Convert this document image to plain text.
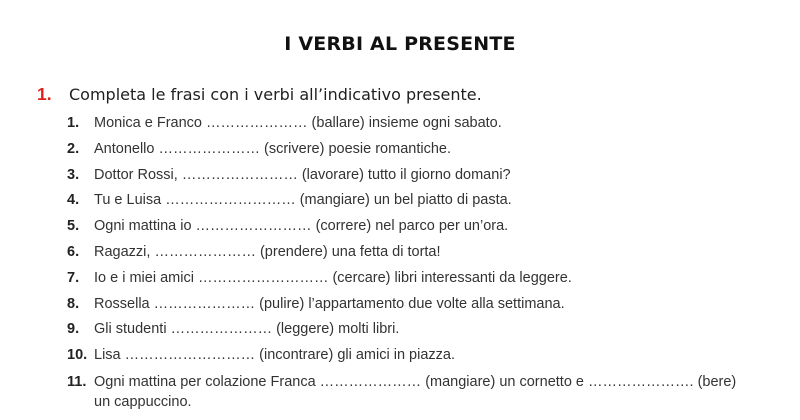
I VERBI AL PRESENTE
1. Completa le frasi con i verbi all’indicativo presente.
1. Monica e Franco ………………… (ballare) insieme ogni sabato.
2. Antonello ………………… (scrivere) poesie romantiche.
3. Dottor Rossi, …………………… (lavorare) tutto il giorno domani?
4. Tu e Luisa ……………………… (mangiare) un bel piatto di pasta.
5. Ogni mattina io …………………… (correre) nel parco per un’ora.
6. Ragazzi, ………………… (prendere) una fetta di torta!
7. Io e i miei amici ……………………… (cercare) libri interessanti da leggere.
8. Rossella ………………… (pulire) l’appartamento due volte alla settimana.
9. Gli studenti ………………… (leggere) molti libri.
10. Lisa ……………………… (incontrare) gli amici in piazza.
11. Ogni mattina per colazione Franca ………………… (mangiare) un cornetto e …………………. (bere)
un cappuccino.
